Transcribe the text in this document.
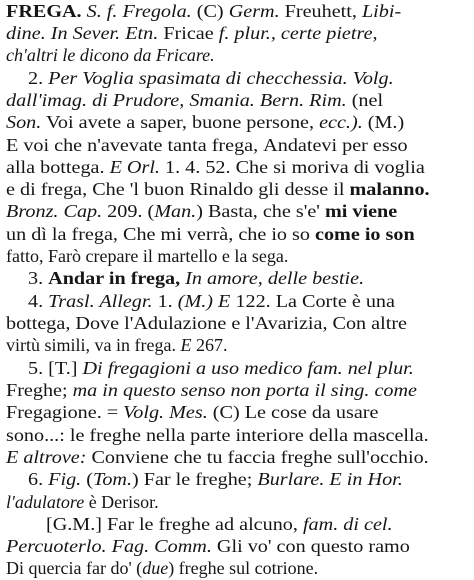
FREGA. S. f. Fregola. (C) Germ. Freuhett, Libi-
dine. In Sever. Etn. Fricae f. plur., certe pietre,
ch'altri le dicono da Fricare.
2. Per Voglia spasimata di checchessia. Volg.
dall'imag. di Prudore, Smania. Bern. Rim. (nel
Son. Voi avete a saper, buone persone, ecc.). (M.)
E voi che n'avevate tanta fregа, Andatevi per esso
alla bottega. E Orl. 1. 4. 52. Che si moriva di voglia
e di frega, Che 'l buon Rinaldo gli desse il malanno.
Bronz. Cap. 209. (Man.) Basta, che s'e' mi viene
un dì la frega, Che mi verrà, che io so come io son
fatto, Farò crepare il martello e la sega.
3. Andar in frega, In amore, delle bestie.
4. Trasl. Allegr. 1. (M.) E 122. La Corte è una
bottega, Dove l'Adulazione e l'Avarizia, Con altre
virtù simili, va in frega. E 267.
5. [T.] Di fregagioni a uso medico fam. nel plur.
Freghe; ma in questo senso non porta il sing. come
Fregagione. = Volg. Mes. (C) Le cose da usare
sono...: le freghe nella parte interiore della mascella.
E altrove: Conviene che tu faccia freghe sull'occhio.
6. Fig. (Tom.) Far le freghe; Burlare. E in Hor.
l'adulatore è Derisor.
[G.M.] Far le freghe ad alcuno, fam. di cel.
Percuoterlo. Fag. Comm. Gli vo' con questo ramo
Di quercia far do' (due) freghe sul cotrione.
